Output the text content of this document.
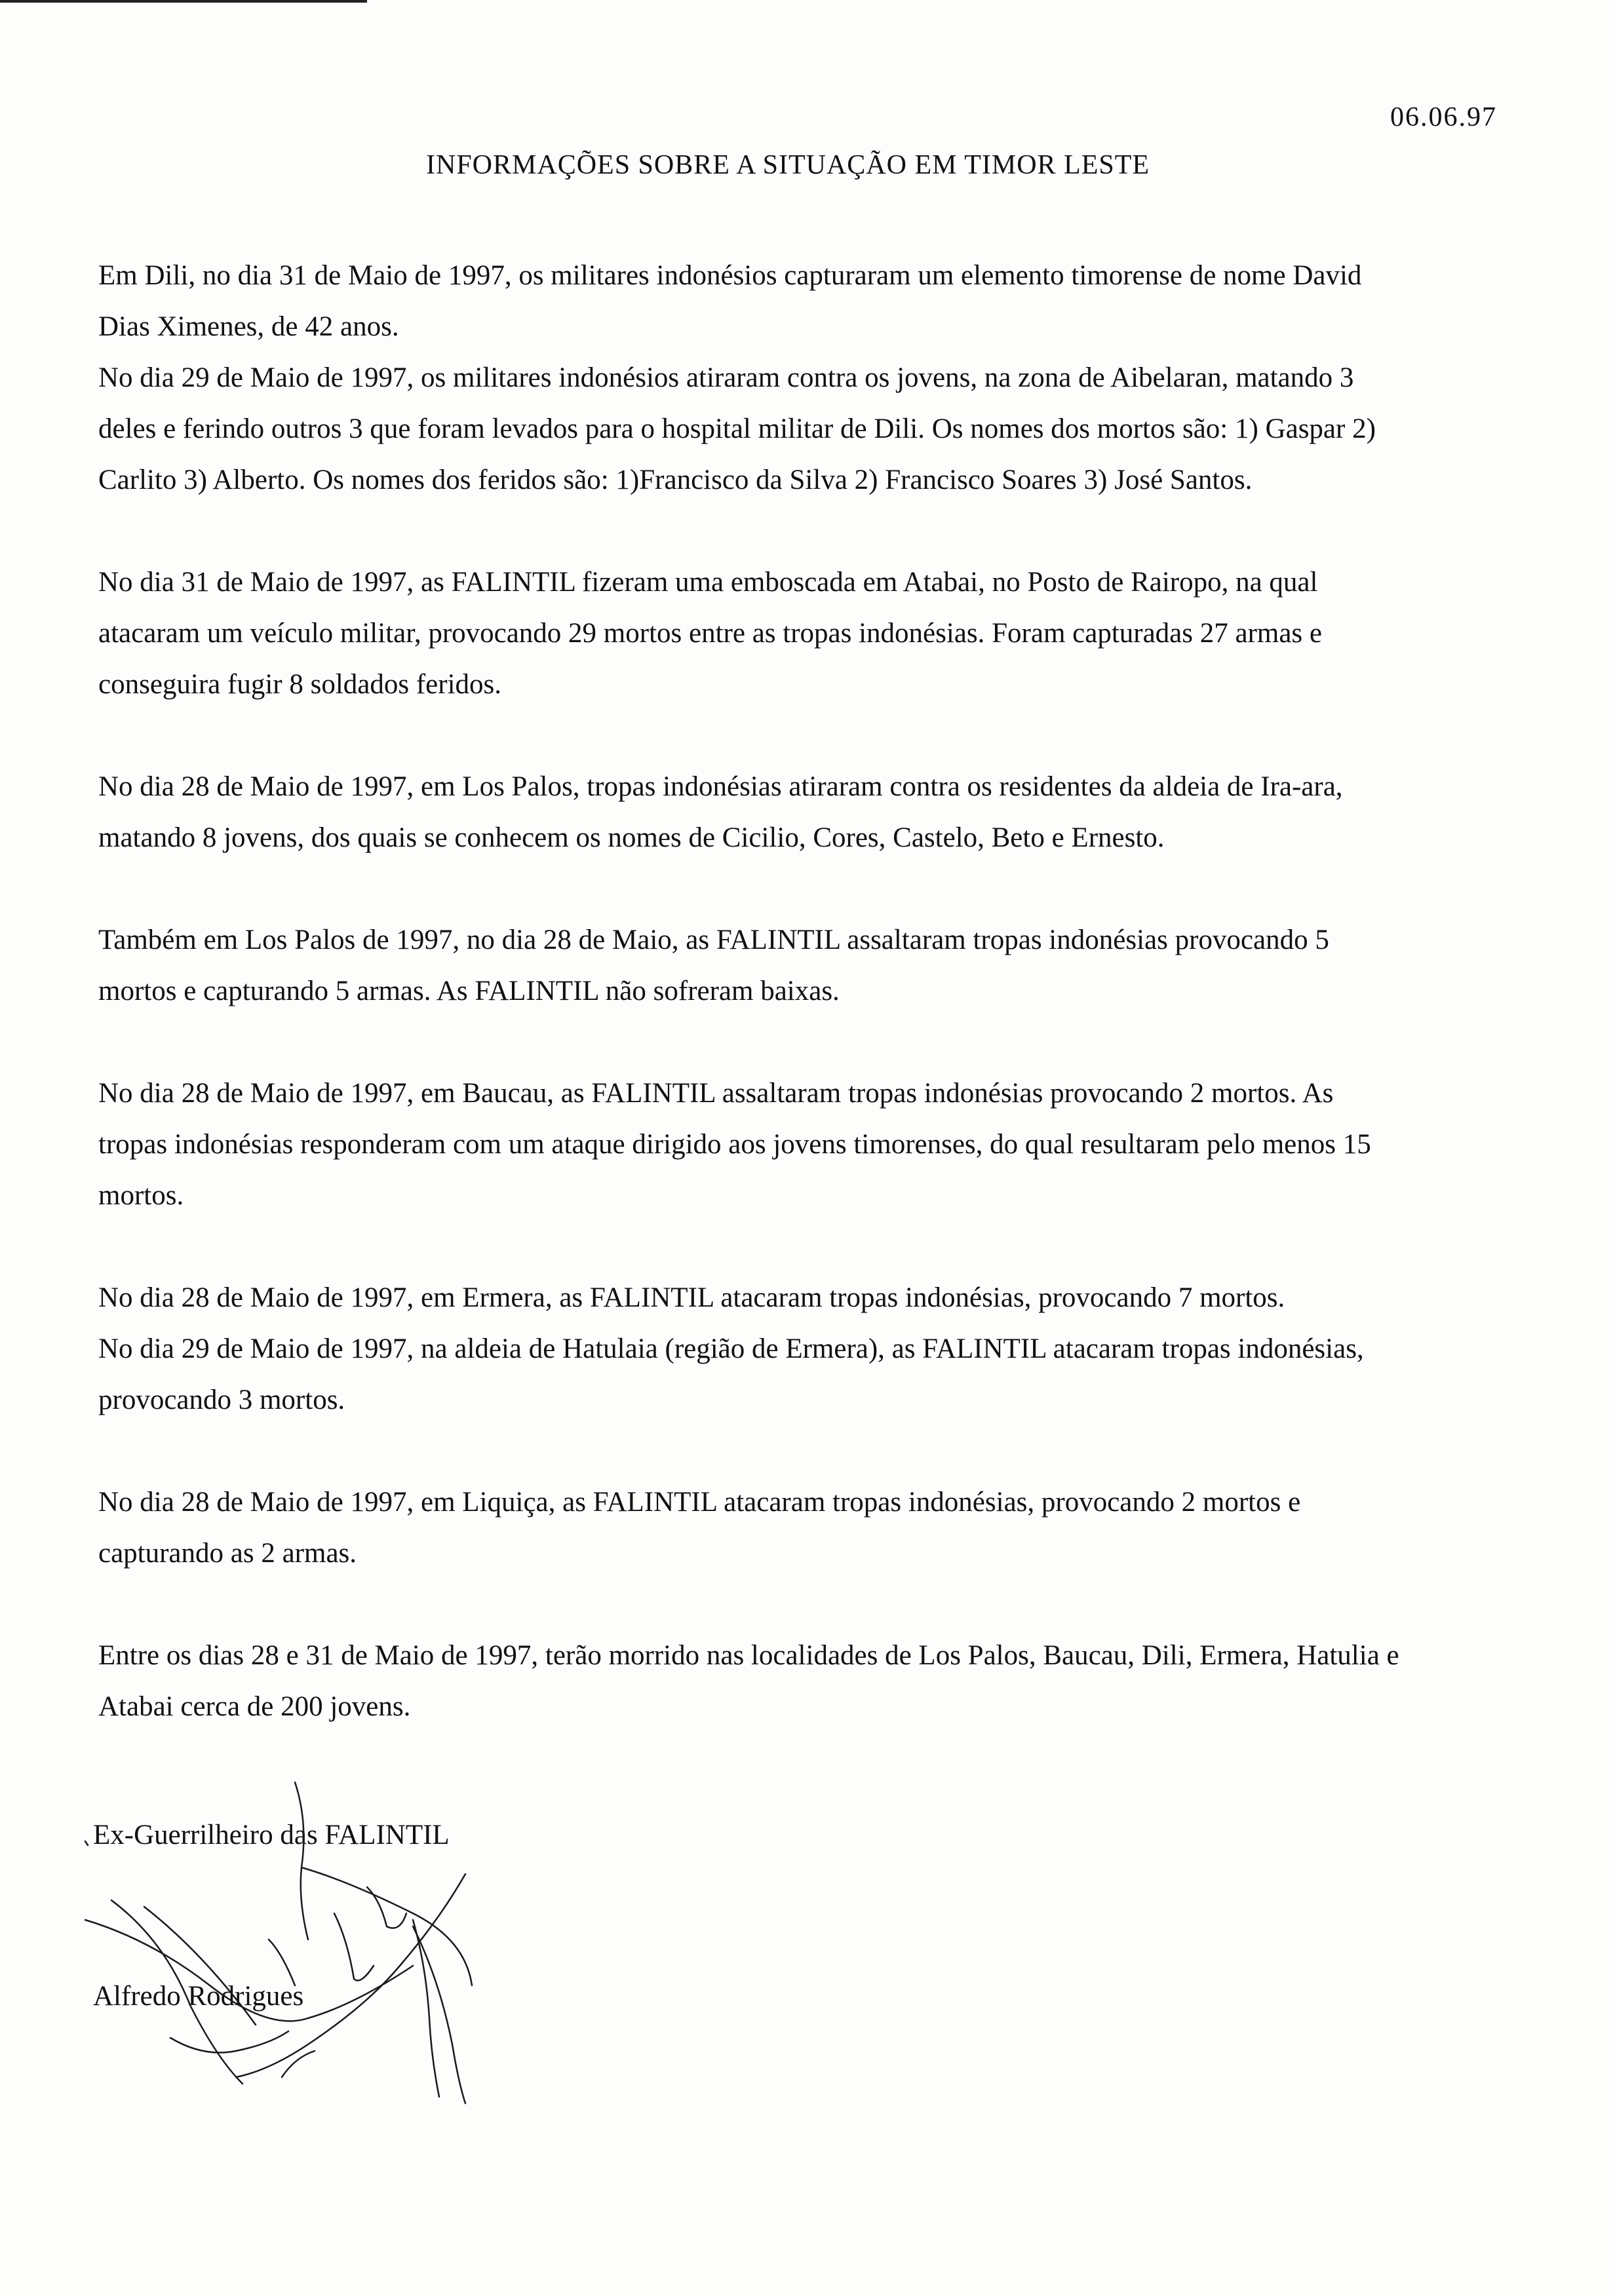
06.06.97
INFORMAÇÕES SOBRE A SITUAÇÃO EM TIMOR LESTE

Em Dili, no dia 31 de Maio de 1997, os militares indonésios capturaram um elemento timorense de nome David
Dias Ximenes, de 42 anos.

No dia 29 de Maio de 1997, os militares indonésios atiraram contra os jovens, na zona de Aibelaran, matando 3
deles e ferindo outros 3 que foram levados para o hospital militar de Dili. Os nomes dos mortos são: 1) Gaspar 2)
Carlito 3) Alberto. Os nomes dos feridos são: 1)Francisco da Silva 2) Francisco Soares 3) José Santos.

No dia 31 de Maio de 1997, as FALINTIL fizeram uma emboscada em Atabai, no Posto de Rairopo, na qual
atacaram um veículo militar, provocando 29 mortos entre as tropas indonésias. Foram capturadas 27 armas e
conseguira fugir 8 soldados feridos.

No dia 28 de Maio de 1997, em Los Palos, tropas indonésias atiraram contra os residentes da aldeia de Ira-ara,
matando 8 jovens, dos quais se conhecem os nomes de Cicilio, Cores, Castelo, Beto e Ernesto.

Também em Los Palos de 1997, no dia 28 de Maio, as FALINTIL assaltaram tropas indonésias provocando 5
mortos e capturando 5 armas. As FALINTIL não sofreram baixas.

No dia 28 de Maio de 1997, em Baucau, as FALINTIL assaltaram tropas indonésias provocando 2 mortos. As
tropas indonésias responderam com um ataque dirigido aos jovens timorenses, do qual resultaram pelo menos 15
mortos.

No dia 28 de Maio de 1997, em Ermera, as FALINTIL atacaram tropas indonésias, provocando 7 mortos.

No dia 29 de Maio de 1997, na aldeia de Hatulaia (região de Ermera), as FALINTIL atacaram tropas indonésias,
provocando 3 mortos.

No dia 28 de Maio de 1997, em Liquiça, as FALINTIL atacaram tropas indonésias, provocando 2 mortos e
capturando as 2 armas.

Entre os dias 28 e 31 de Maio de 1997, terão morrido nas localidades de Los Palos, Baucau, Dili, Ermera, Hatulia e
Atabai cerca de 200 jovens.

Ex-Guerrilheiro das FALINTIL
Alfredo Rodrigues
